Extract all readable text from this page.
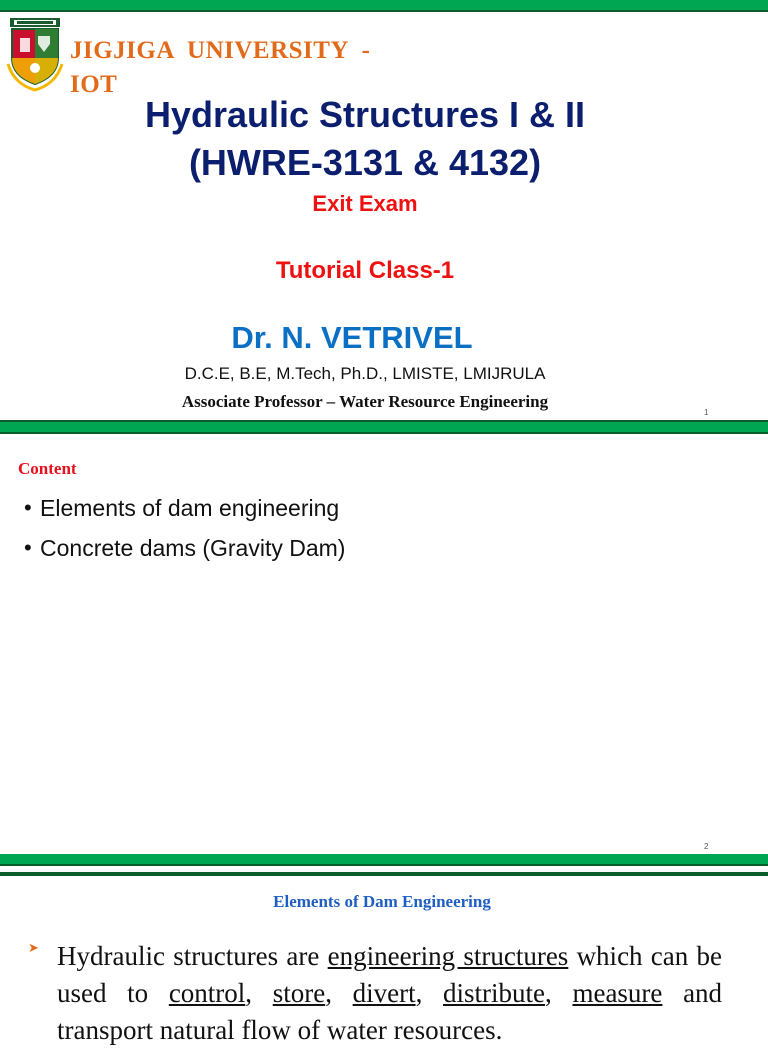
JIGJIGA  UNIVERSITY  -
IOT
Hydraulic Structures I & II
(HWRE-3131 & 4132)
Exit Exam
Tutorial Class-1
Dr. N. VETRIVEL
D.C.E, B.E, M.Tech, Ph.D., LMISTE, LMIJRULA
Associate Professor – Water Resource Engineering
1
Content
• Elements of dam engineering
• Concrete dams (Gravity Dam)
2
Elements of Dam Engineering
➤ Hydraulic structures are engineering structures which can be used to control, store, divert, distribute, measure and transport natural flow of water resources.
